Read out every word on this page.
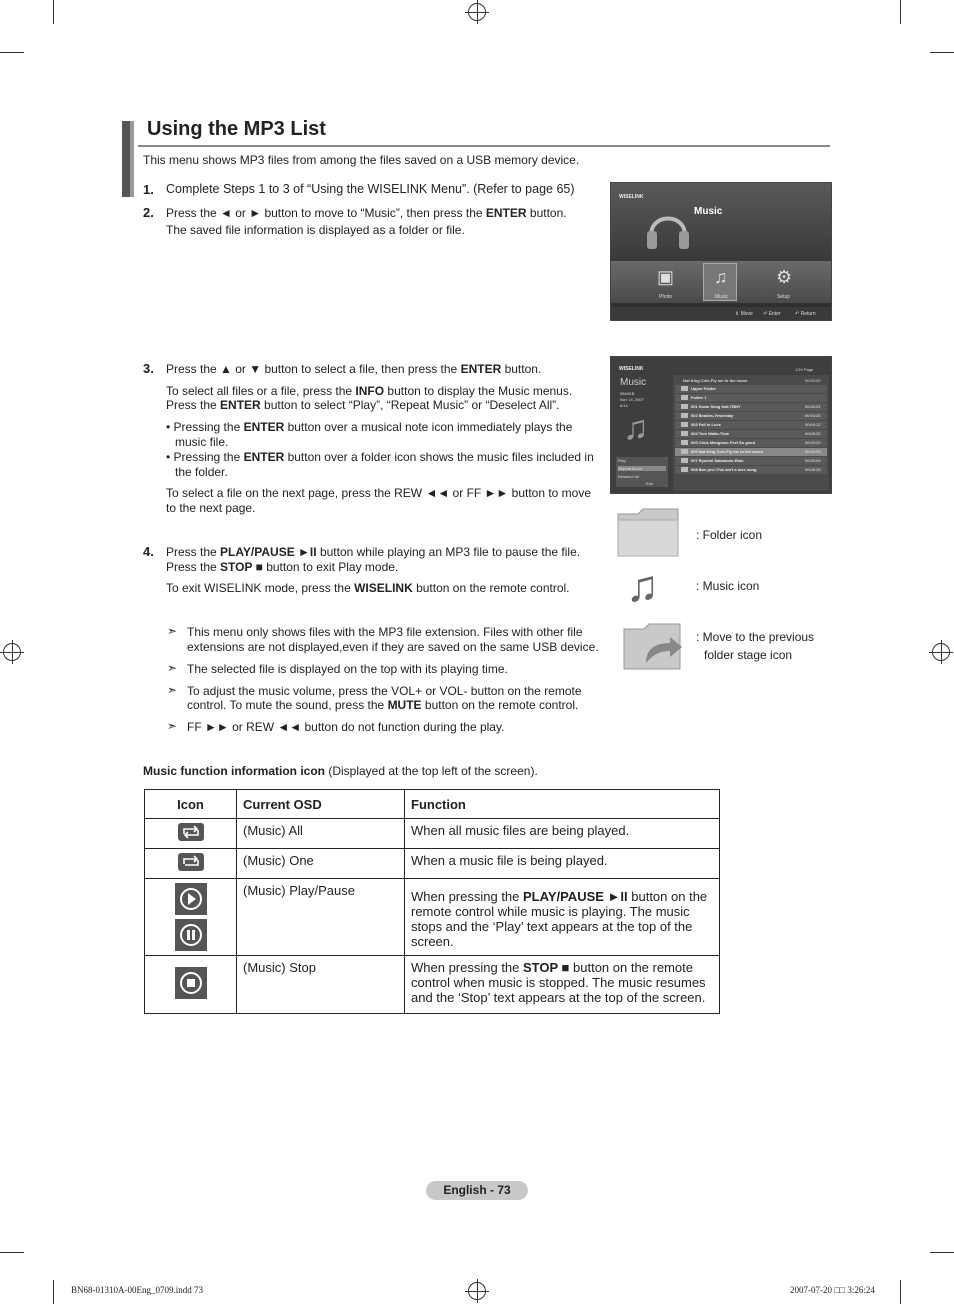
Using the MP3 List
This menu shows MP3 files from among the files saved on a USB memory device.
1. Complete Steps 1 to 3 of “Using the WISELINK Menu”. (Refer to page 65)
2. Press the ◄ or ► button to move to “Music”, then press the ENTER button.
The saved file information is displayed as a folder or file.
WISELINK
Music
▣ ♫	⚙
Photo	Music	Setup
⇕ Move ⏎ Enter	↶ Return
3. Press the ▲ or ▼ button to select a file, then press the ENTER button.
To select all files or a file, press the INFO button to display the Music menus.
Press the ENTER button to select “Play”, “Repeat Music” or “Deselect All”.
• Pressing the ENTER button over a musical note icon immediately plays the
music file.
• Pressing the ENTER button over a folder icon shows the music files included in
the folder.
To select a file on the next page, press the REW ◄◄ or FF ►► button to move
to the next page.
WISELINK	1/10 Page
Music
5860KB
Nov 14, 2007
6/14
♫
Play
Repeat Music
Deselect All
Exit
Not King Cole-Fly me to the moon	00:04:00
Upper Folder
Folder 1
001 Swan Song feat.TBNY	00:04:01
002 Beatles-Yesterday	00:04:20
003 Fall in Love	00:04:12
004 Tom Waits-Time	00:05:20
005 Chuk Mangione-Feel So good	00:04:20
006 Nat King Cole-Fly me to the moon	00:04:20
007 Ryuichi Sakamoto-Rain	00:03:04
008 Bon jovi-This ain't a love song	00:05:25
4. Press the PLAY/PAUSE ►II button while playing an MP3 file to pause the file.
Press the STOP ■ button to exit Play mode.
To exit WISELINK mode, press the WISELINK button on the remote control.
: Folder icon
♫	: Music icon
: Move to the previous
folder stage icon
➣ This menu only shows files with the MP3 file extension. Files with other file
extensions are not displayed,even if they are saved on the same USB device.
➣ The selected file is displayed on the top with its playing time.
➣ To adjust the music volume, press the VOL+ or VOL- button on the remote
control. To mute the sound, press the MUTE button on the remote control.
➣ FF ►► or REW ◄◄ button do not function during the play.
Music function information icon (Displayed at the top left of the screen).
Icon	Current OSD	Function
	(Music) All	When all music files are being played.
	(Music) One	When a music file is being played.

	(Music) Play/Pause	When pressing the PLAY/PAUSE ►II button on the remote control while music is playing. The music stops and the ‘Play’ text appears at the top of the screen.
	(Music) Stop	When pressing the STOP ■ button on the remote control when music is stopped. The music resumes and the ‘Stop’ text appears at the top of the screen.
English - 73
BN68-01310A-00Eng_0709.indd 73	2007-07-20 □□ 3:26:24
